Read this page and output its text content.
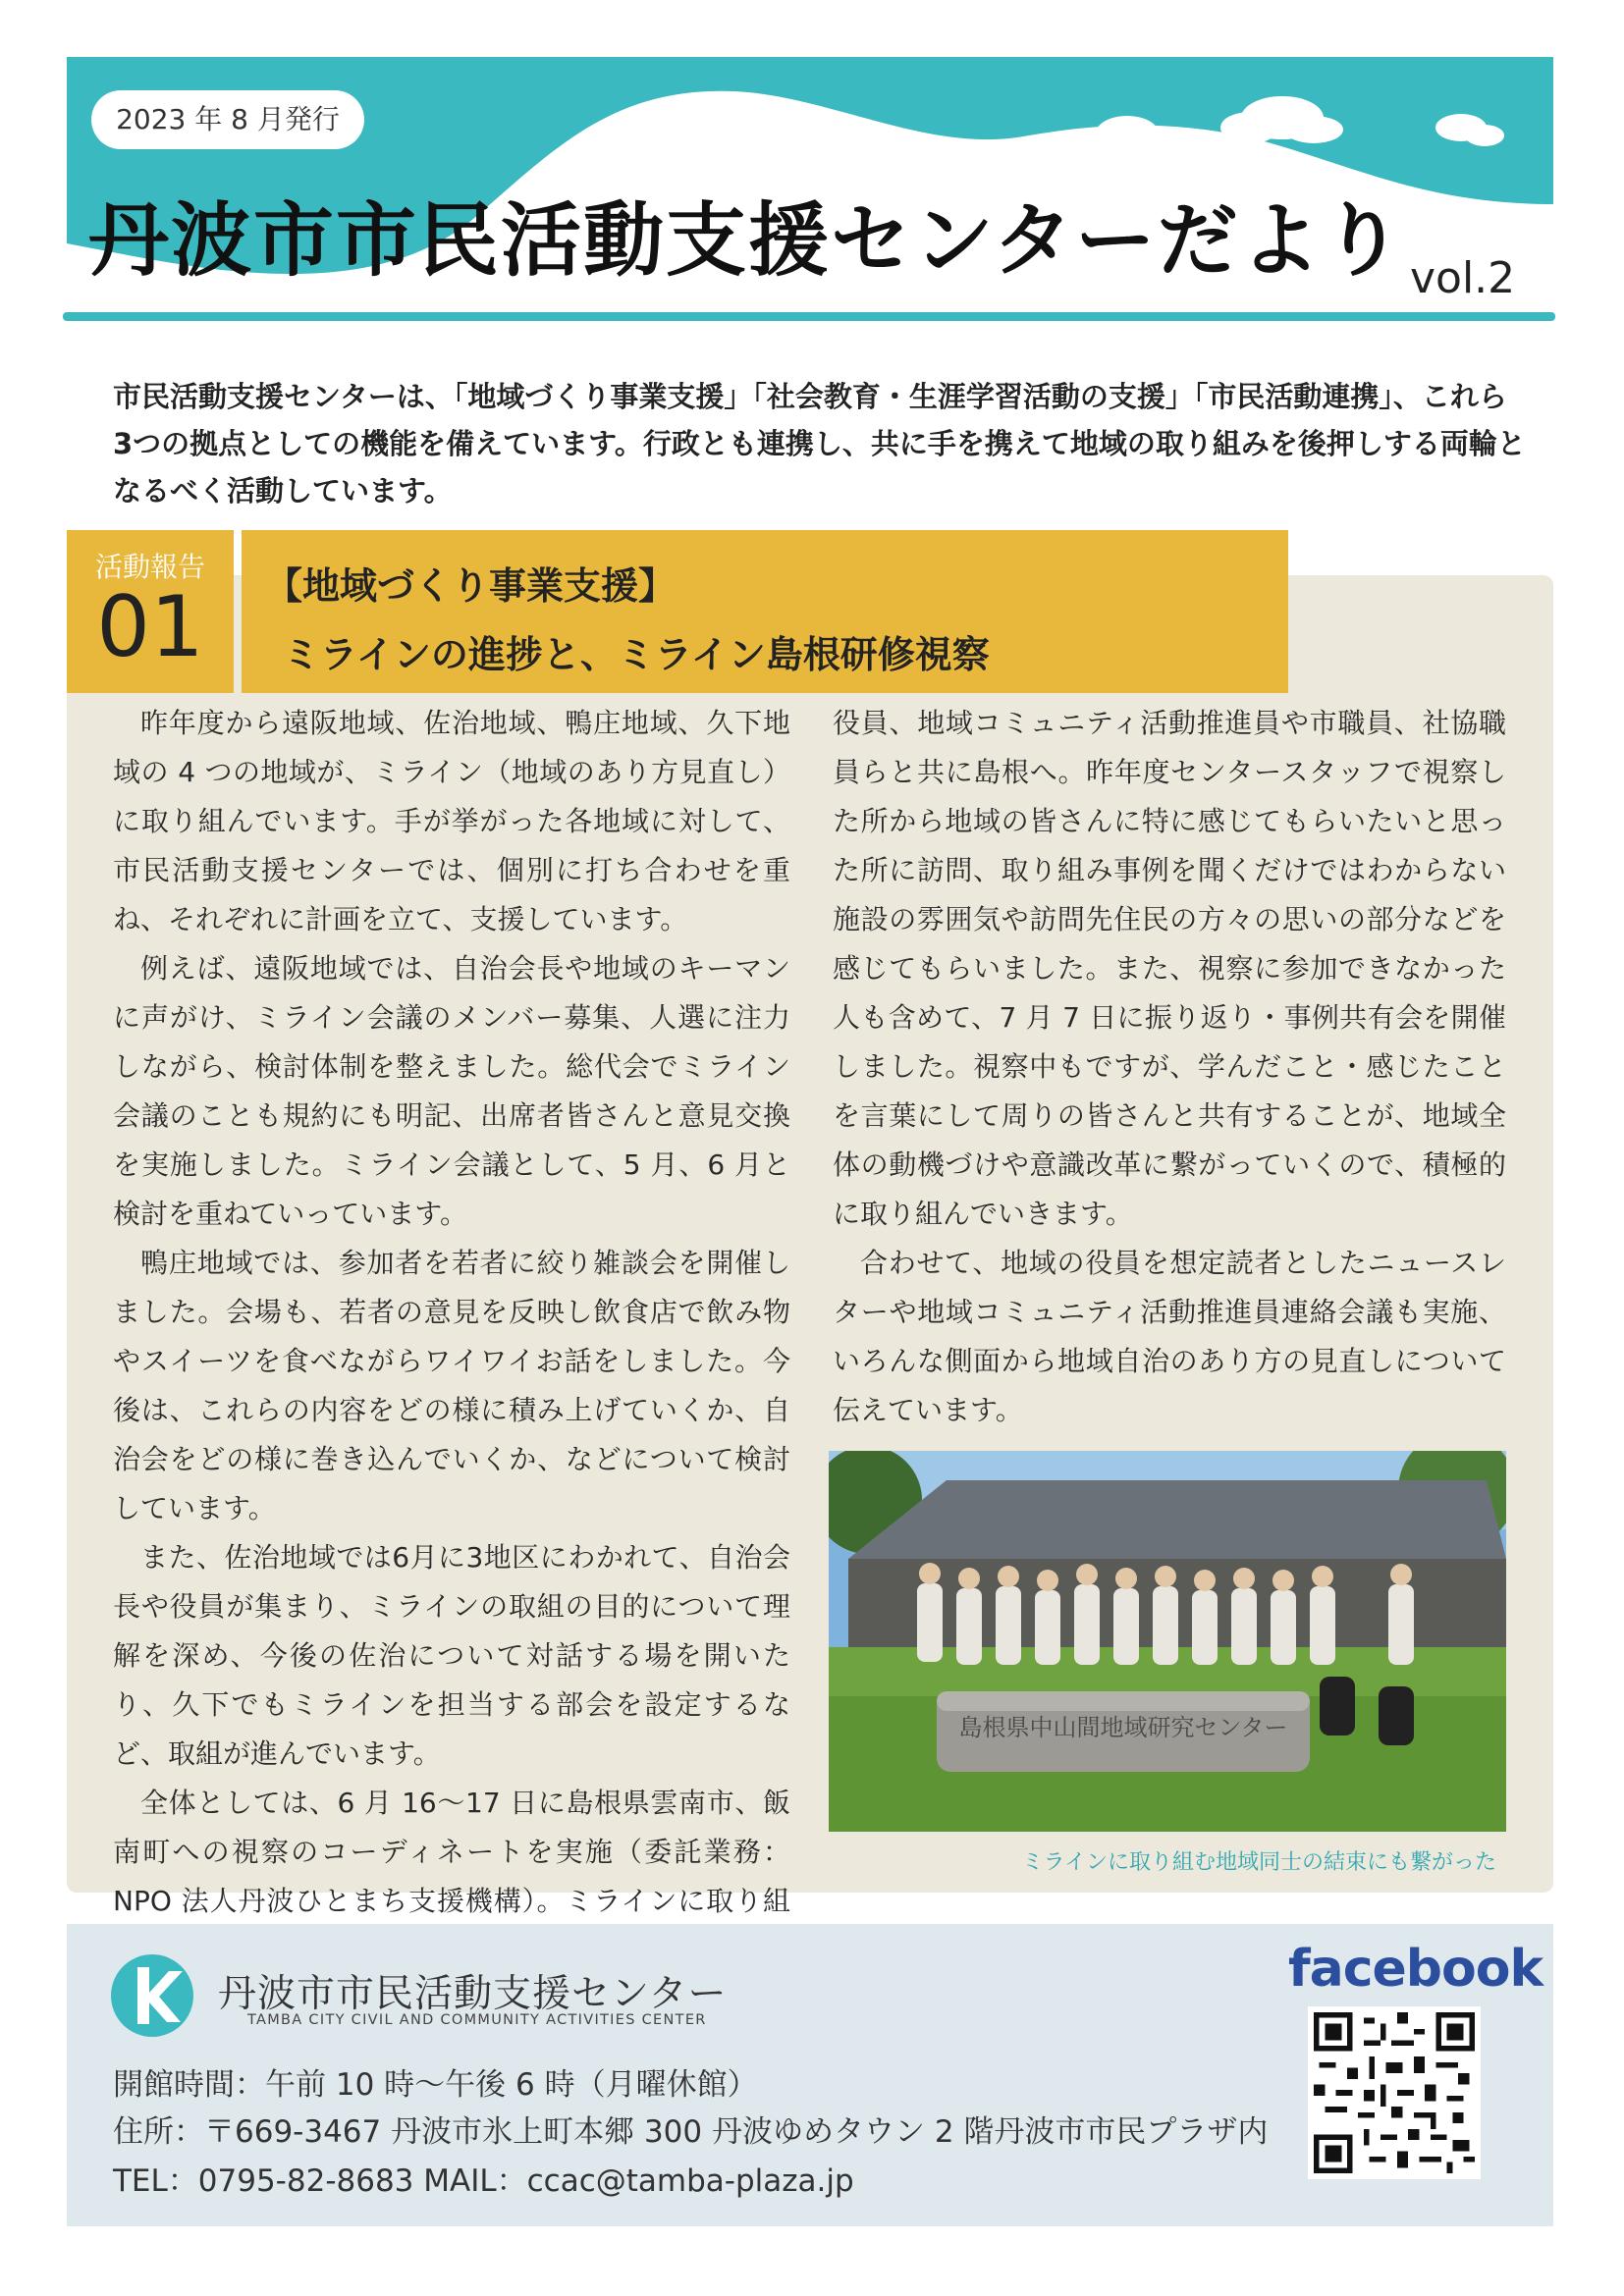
2023 年 8 月発行
丹波市市民活動支援センターだより vol.2
市民活動支援センターは、「地域づくり事業支援」「社会教育・生涯学習活動の支援」「市民活動連携」、これら3つの拠点としての機能を備えています。行政とも連携し、共に手を携えて地域の取り組みを後押しする両輪となるべく活動しています。
活動報告
01	【地域づくり事業支援】
ミラインの進捗と、ミライン島根研修視察

昨年度から遠阪地域、佐治地域、鴨庄地域、久下地域の 4 つの地域が、ミライン（地域のあり方見直し）に取り組んでいます。手が挙がった各地域に対して、市民活動支援センターでは、個別に打ち合わせを重ね、それぞれに計画を立て、支援しています。

例えば、遠阪地域では、自治会長や地域のキーマンに声がけ、ミライン会議のメンバー募集、人選に注力しながら、検討体制を整えました。総代会でミライン会議のことも規約にも明記、出席者皆さんと意見交換を実施しました。ミライン会議として、5 月、6 月と検討を重ねていっています。

鴨庄地域では、参加者を若者に絞り雑談会を開催しました。会場も、若者の意見を反映し飲食店で飲み物やスイーツを食べながらワイワイお話をしました。今後は、これらの内容をどの様に積み上げていくか、自治会をどの様に巻き込んでいくか、などについて検討しています。

また、佐治地域では6月に3地区にわかれて、自治会長や役員が集まり、ミラインの取組の目的について理解を深め、今後の佐治について対話する場を開いたり、久下でもミラインを担当する部会を設定するなど、取組が進んでいます。

全体としては、6 月 16～17 日に島根県雲南市、飯南町への視察のコーディネートを実施（委託業務：NPO 法人丹波ひとまち支援機構）。ミラインに取り組

役員、地域コミュニティ活動推進員や市職員、社協職員らと共に島根へ。昨年度センタースタッフで視察した所から地域の皆さんに特に感じてもらいたいと思った所に訪問、取り組み事例を聞くだけではわからない施設の雰囲気や訪問先住民の方々の思いの部分などを感じてもらいました。また、視察に参加できなかった人も含めて、7 月 7 日に振り返り・事例共有会を開催しました。視察中もですが、学んだこと・感じたことを言葉にして周りの皆さんと共有することが、地域全体の動機づけや意識改革に繋がっていくので、積極的に取り組んでいきます。

合わせて、地域の役員を想定読者としたニュースレターや地域コミュニティ活動推進員連絡会議も実施、いろんな側面から地域自治のあり方の見直しについて伝えています。

島根県中山間地域研究センター
ミラインに取り組む地域同士の結束にも繋がった
丹波市市民活動支援センター
TAMBA CITY CIVIL AND COMMUNITY ACTIVITIES CENTER
開館時間：午前 10 時～午後 6 時（月曜休館）
住所：〒669-3467 丹波市氷上町本郷 300 丹波ゆめタウン 2 階丹波市市民プラザ内
TEL：0795-82-8683 MAIL：ccac@tamba-plaza.jp
facebook
